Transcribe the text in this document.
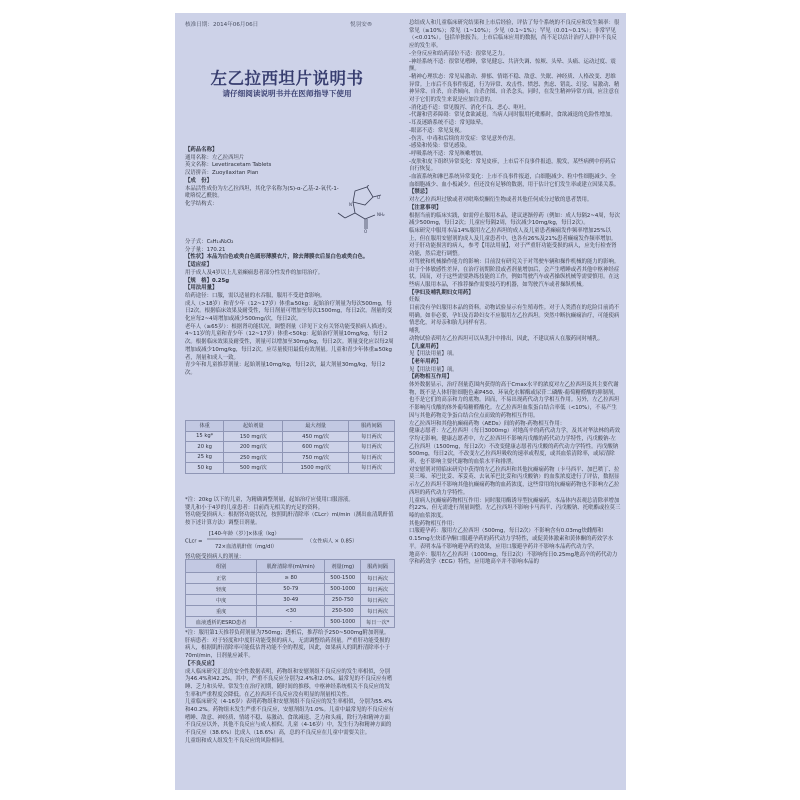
核准日期：2014年06月06日	悦羽安®
左乙拉西坦片说明书
请仔细阅读说明书并在医师指导下使用

【药品名称】

通用名称：左乙拉西坦片

英文名称：Levetiracetam Tablets

汉语拼音：Zuoyilaxitan Pian

【成　份】

本品活性成份为左乙拉西坦，其化学名称为(S)-α-乙基-2-氧代-1-吡咯烷乙酰胺。

化学结构式：

O
NH₂
O
N

分子式：C₈H₁₄N₂O₂

分子量：170.21

【性状】本品为白色或类白色圆形薄膜衣片，除去薄膜衣后显白色或类白色。

【适应症】

用于成人及4岁以上儿童癫痫患者部分性发作的加用治疗。

【规　格】0.25g

【用法用量】

给药途径：口服，需以适量的水吞服，服用不受进食影响。

成人（>18岁）和青少年（12~17岁）体重≥50kg：起始治疗剂量为每次500mg，每日2次。根据临床效果及耐受性，每日剂量可增加至每次1500mg，每日2次。剂量的变化应每2~4周增加或减少500mg/次，每日2次。

老年人（≥65岁）：根据肾功能状况，调整剂量（详见下文有关肾功能受损病人描述）。

4~11岁的儿童和青少年（12~17岁）体重<50kg：起始治疗剂量10mg/kg，每日2次。根据临床效果及耐受性，剂量可以增加至30mg/kg，每日2次。剂量变化应以每2周增加或减少10mg/kg，每日2次。应尽量使用最低有效剂量。儿童和青少年体重≥50kg者，剂量和成人一致。

青少年和儿童推荐剂量：起始剂量10mg/kg，每日2次，最大剂量30mg/kg，每日2次。

体重	起始剂量	最大剂量	服药间隔
15 kg*	150 mg/次	450 mg/次	每日两次
20 kg	200 mg/次	600 mg/次	每日两次
25 kg	250 mg/次	750 mg/次	每日两次
50 kg	500 mg/次	1500 mg/次	每日两次

*注：20kg 以下的儿童，为精确调整剂量，起始治疗应使用口服溶液。

婴儿和小于4岁的儿童患者：目前尚无相关的充足的资料。

肾功能受损病人：根据肾功能状况，按照肌酐清除率（CLcr）ml/min（测出血清肌酐值按下述计算方法）调整日剂量。

CLcr =
[140-年龄（岁）]×体重（kg）
72×血清肌酐值（mg/dl）
（女性病人 × 0.85）

肾功能受损病人的剂量：

组别	肌酐清除率(ml/min)	剂量(mg)	服药间隔
正常	≥ 80	500-1500	每日两次
轻度	50-79	500-1000	每日两次
中度	30-49	250-750	每日两次
重度	<30	250-500	每日两次
血液透析的ESRD患者	-	500-1000	每日一次*

*注：服用第1天推荐负荷剂量为750mg；透析后，推荐给予250~500mg附加剂量。

肝病患者：对于轻度和中度肝功能受损的病人，无需调整给药剂量。严重肝功能受损的病人，根据肌酐清除率可能低估肾功能不全的程度，因此，如果病人的肌酐清除率小于70ml/min，日剂量应减半。

【不良反应】

成人临床研究汇总的安全性数据表明，药物组和安慰剂组不良反应的发生率相似，分别为46.4%和42.2%。其中，严重不良反应分别为2.4%和2.0%。最常见的不良反应有嗜睡、乏力和头晕。常发生在治疗初期，随时间的推移，中枢神经系统相关不良反应的发生率和严重程度会降低。在乙拉西坦不良反应没有明显的剂量相关性。

儿童临床研究（4-16岁）表明药物组和安慰剂组不良反应的发生率相似，分别为55.4%和40.2%。药物组未发生严重不良反应，安慰剂组为1.0%。儿童中最常见的不良反应有嗜睡、敌意、神经质、情绪不稳、易激动、食欲减退、乏力和头痛，除行为和精神方面不良反应以外，其他不良反应与成人相似。儿童（4-16岁）中，发生行为和精神方面的不良反应（38.6%）比成人（18.6%）高，总的不良反应在儿童中需要关注。

儿童组和成人组发生不良反应的风险相同。

总结成人和儿童临床研究结果和上市后经验，评估了每个系统的不良反应和发生频率：很常见（≥10%）；常见（1~10%）；少见（0.1~1%）；罕见（0.01~0.1%）；非常罕见（<0.01%）。包括单独报告。上市后临床应用的数据，尚不足以估计治疗人群中不良反应的发生率。

-全身反应和给药部位不适：很常见乏力。

-神经系统不适：很常见嗜睡，常见健忘、共济失调、惊厥、头晕、头痛、运动过度、震颤。

-精神心理状态：常见易激动、抑郁、情绪不稳、敌意、失眠、神经质、人格改变、思维异常。上市后不良事件报道，行为异常、攻击性、愤怒、焦虑、错乱、幻觉、易激动、精神异常、自杀，自杀倾向、自杀企图、自杀念头。同时，在发生精神异常方面，应注意在对于它们的发生来说是应加注意的。

-消化道不适：常见腹泻、消化不良、恶心、呕吐。

-代谢和营养障碍：常见食欲减退。当病人同时服用托吡酯时，食欲减退的危险性增加。

-耳及迷路系统不适：常见眩晕。

-眼部不适：常见复视。

-伤害、中毒和后续的并发症：常见意外伤害。

-感染和传染：常见感染。

-呼吸系统不适：常见咳嗽增加。

-皮肤和皮下组织异常变化：常见皮疹，上市后不良事件报道，脱发，某些病例中停药后自行恢复。

-血液系统和淋巴系统异常变化：上市不良事件报道，白细胞减少、粒中性细胞减少、全血细胞减少、血小板减少。但还没有足够的数据，用于估计它们发生率或建立因果关系。

【禁忌】

对左乙拉西坦过敏或者对吡咯烷酮衍生物或者其他任何成分过敏的患者禁用。

【注意事项】

根据当前的临床实践，如需停止服用本品，建议逐渐停药（例如：成人每隔2~4周，每次减少500mg，每日2次；儿童应每隔2周，每次减少10mg/kg，每日2次）。

临床研究中服用本品14%服用左乙拉西坦的成人及儿童患者癫痫发作频率增加25%以上，但在服用安慰剂的成人及儿童患者中，也各有26%及21%患者癫痫发作频率增加。

对于肝功能损害的病人，参考【用法用量】，对于严重肝功能受损的病人，应先行检查肾功能，然后进行调整。

对驾驶和机械操作能力的影响：目前没有研究关于对驾驶车辆和操作机械的能力的影响。

由于个体敏感性差异，在治疗初期阶段或者剂量增加后，会产生嗜睡或者其他中枢神经症状。因而，对于这些需要熟练技能的工作，例如驾驶汽车或者操纵机械等需要慎用。在这些病人服用本品，不推荐操作需要技巧的机器，如驾驶汽车或者操纵机械。

【孕妇及哺乳期妇女用药】

妊娠

目前没有孕妇服用本品的资料。动物试验显示有生殖毒性。对于人类潜在的危险目前尚不明确。如非必要，孕妇及育龄妇女不应服用左乙拉西坦。突然中断抗癫痫治疗，可能使病情恶化，对母亲和胎儿同样有害。

哺乳

动物试验表明左乙拉西坦可以从乳汁中排出，因此，不建议病人在服药同时哺乳。

【儿童用药】

见【用法用量】项。

【老年用药】

见【用法用量】项。

【药物相互作用】

体外数据显示，治疗剂量范围内获得的高于Cmax水平的浓度对左乙拉西坦及其主要代谢物，既不是人体肝脏细胞色素P450、环氧化水解酶或尿苷二磷酸-葡萄糖醛酸的抑制剂，也不是它们的高亲和力的底物。因而，不易出现药代动力学相互作用。另外，左乙拉西坦不影响丙戊酸的体外葡萄糖醛酸化。左乙拉西坦血浆蛋白结合率低（<10%），不易产生因与其他药物竞争蛋白结合位点而致的药物相互作用。

左乙拉西坦和其他抗癫痫药物（AEDs）间的药物-药物相互作用：

健康志愿者：左乙拉西坦（每日3000mg）对地高辛的药代动力学，及其对华法林的药效学均无影响。健康志愿者中，左乙拉西坦不影响丙戊酸的药代动力学特性，丙戊酸钠-左乙拉西坦（1500mg，每日2次）不改变健康志愿者丙戊酸的药代动力学特性。丙戊酸钠500mg，每日2次，不改变左乙拉西坦吸收的速率或程度，或其血浆清除率，或尿清除率，也不影响主要代谢物的血浆水平和排泄。

对安慰剂对照临床研究中获得的左乙拉西坦和其他抗癫痫药物（卡马西平、加巴喷丁、拉莫三嗪、苯巴比妥、苯妥英、去氧苯巴比妥和丙戊酸钠）的血浆浓度进行了评估，数据显示左乙拉西坦不影响其他抗癫痫药物的血药浓度，这些常用的抗癫痫药物也不影响左乙拉西坦的药代动力学特性。

儿童病人抗癫痫药物相互作用：同时服用酶诱导型抗癫痫药，本品体内表观总清除率增加约22%，但无需进行剂量调整。左乙拉西坦不影响卡马西平、丙戊酸钠、托吡酯或拉莫三嗪的血浆浓度。

其他药物相互作用：

口服避孕药：服用左乙拉西坦（500mg，每日2次）不影响含有0.03mg炔雌醇和0.15mg左炔诺孕酮口服避孕药的药代动力学特性，或促黄体激素和黄体酮的药效学水平。表明本品不影响避孕药的效果，应用口服避孕药并不影响本品药代动力学。

地高辛：服用左乙拉西坦（1000mg，每日2次）不影响每日0.25mg地高辛的药代动力学和药效学（ECG）特性，应用地高辛并不影响本品的
